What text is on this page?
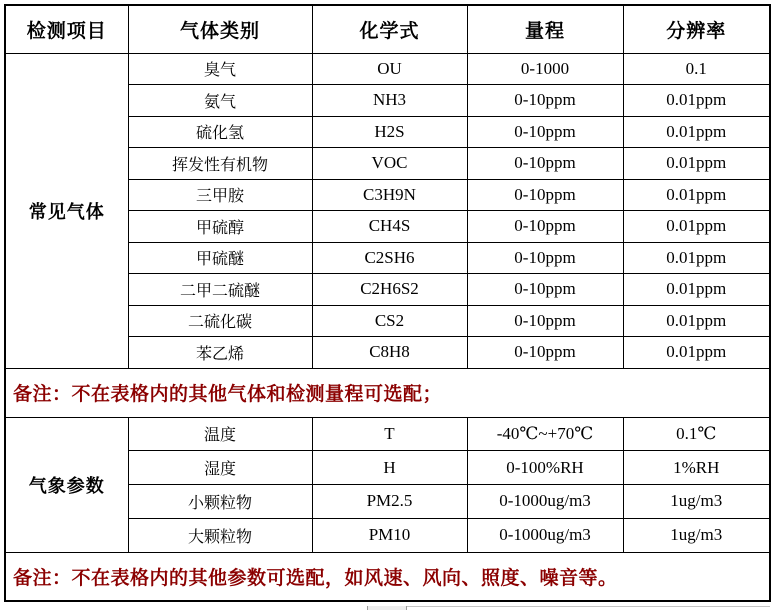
检测项目	气体类别	化学式	量程	分辨率
常见气体	臭气	OU	0-1000	0.1
	氨气	NH3	0-10ppm	0.01ppm
	硫化氢	H2S	0-10ppm	0.01ppm
	挥发性有机物	VOC	0-10ppm	0.01ppm
	三甲胺	C3H9N	0-10ppm	0.01ppm
	甲硫醇	CH4S	0-10ppm	0.01ppm
	甲硫醚	C2SH6	0-10ppm	0.01ppm
	二甲二硫醚	C2H6S2	0-10ppm	0.01ppm
	二硫化碳	CS2	0-10ppm	0.01ppm
	苯乙烯	C8H8	0-10ppm	0.01ppm
备注：不在表格内的其他气体和检测量程可选配；				
气象参数	温度	T	-40℃~+70℃	0.1℃
	湿度	H	0-100%RH	1%RH
	小颗粒物	PM2.5	0-1000ug/m3	1ug/m3
	大颗粒物	PM10	0-1000ug/m3	1ug/m3
备注：不在表格内的其他参数可选配，如风速、风向、照度、噪音等。				
